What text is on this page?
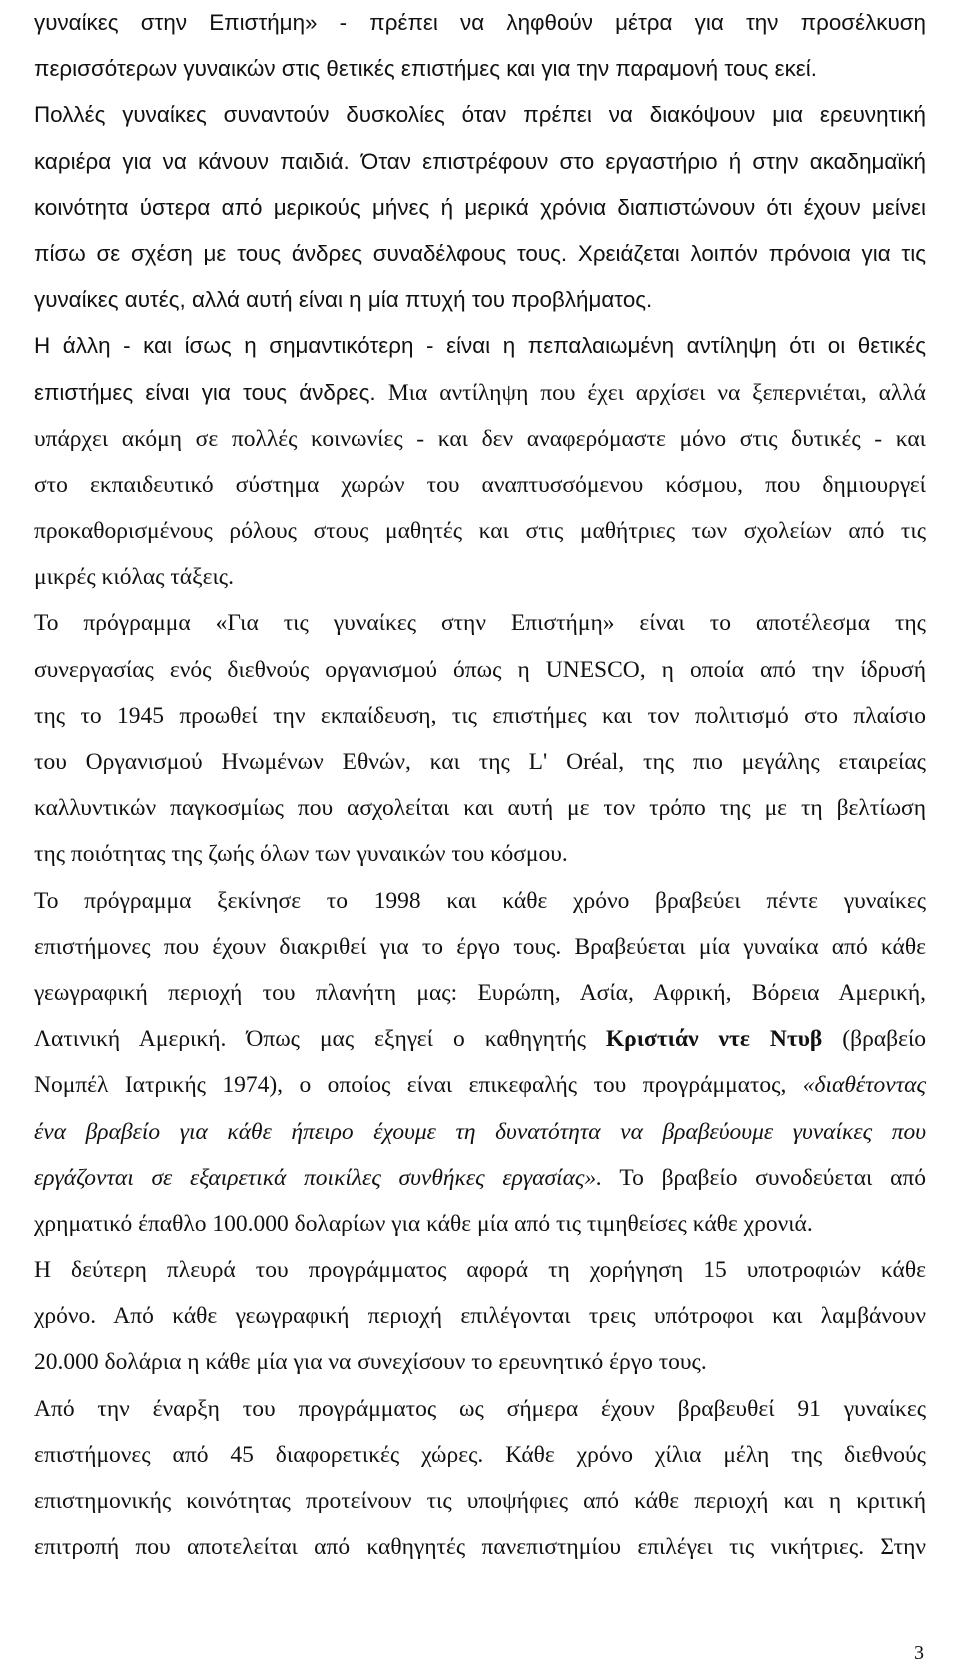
γυναίκες στην Επιστήμη» - πρέπει να ληφθούν μέτρα για την προσέλκυση
περισσότερων γυναικών στις θετικές επιστήμες και για την παραμονή τους εκεί.
Πολλές γυναίκες συναντούν δυσκολίες όταν πρέπει να διακόψουν μια ερευνητική
καριέρα για να κάνουν παιδιά. Όταν επιστρέφουν στο εργαστήριο ή στην ακαδημαϊκή
κοινότητα ύστερα από μερικούς μήνες ή μερικά χρόνια διαπιστώνουν ότι έχουν μείνει
πίσω σε σχέση με τους άνδρες συναδέλφους τους. Χρειάζεται λοιπόν πρόνοια για τις
γυναίκες αυτές, αλλά αυτή είναι η μία πτυχή του προβλήματος.
Η άλλη - και ίσως η σημαντικότερη - είναι η πεπαλαιωμένη αντίληψη ότι οι θετικές
επιστήμες είναι για τους άνδρες. Μια αντίληψη που έχει αρχίσει να ξεπερνιέται, αλλά
υπάρχει ακόμη σε πολλές κοινωνίες - και δεν αναφερόμαστε μόνο στις δυτικές - και
στο εκπαιδευτικό σύστημα χωρών του αναπτυσσόμενου κόσμου, που δημιουργεί
προκαθορισμένους ρόλους στους μαθητές και στις μαθήτριες των σχολείων από τις
μικρές κιόλας τάξεις.
Το πρόγραμμα «Για τις γυναίκες στην Επιστήμη» είναι το αποτέλεσμα της
συνεργασίας ενός διεθνούς οργανισμού όπως η UNESCO, η οποία από την ίδρυσή
της το 1945 προωθεί την εκπαίδευση, τις επιστήμες και τον πολιτισμό στο πλαίσιο
του Οργανισμού Ηνωμένων Εθνών, και της L' Oréal, της πιο μεγάλης εταιρείας
καλλυντικών παγκοσμίως που ασχολείται και αυτή με τον τρόπο της με τη βελτίωση
της ποιότητας της ζωής όλων των γυναικών του κόσμου.
Το πρόγραμμα ξεκίνησε το 1998 και κάθε χρόνο βραβεύει πέντε γυναίκες
επιστήμονες που έχουν διακριθεί για το έργο τους. Βραβεύεται μία γυναίκα από κάθε
γεωγραφική περιοχή του πλανήτη μας: Ευρώπη, Ασία, Αφρική, Βόρεια Αμερική,
Λατινική Αμερική. Όπως μας εξηγεί ο καθηγητής Κριστιάν ντε Ντυβ (βραβείο
Νομπέλ Ιατρικής 1974), ο οποίος είναι επικεφαλής του προγράμματος, «διαθέτοντας
ένα βραβείο για κάθε ήπειρο έχουμε τη δυνατότητα να βραβεύουμε γυναίκες που
εργάζονται σε εξαιρετικά ποικίλες συνθήκες εργασίας». Το βραβείο συνοδεύεται από
χρηματικό έπαθλο 100.000 δολαρίων για κάθε μία από τις τιμηθείσες κάθε χρονιά.
Η δεύτερη πλευρά του προγράμματος αφορά τη χορήγηση 15 υποτροφιών κάθε
χρόνο. Από κάθε γεωγραφική περιοχή επιλέγονται τρεις υπότροφοι και λαμβάνουν
20.000 δολάρια η κάθε μία για να συνεχίσουν το ερευνητικό έργο τους.
Από την έναρξη του προγράμματος ως σήμερα έχουν βραβευθεί 91 γυναίκες
επιστήμονες από 45 διαφορετικές χώρες. Κάθε χρόνο χίλια μέλη της διεθνούς
επιστημονικής κοινότητας προτείνουν τις υποψήφιες από κάθε περιοχή και η κριτική
επιτροπή που αποτελείται από καθηγητές πανεπιστημίου επιλέγει τις νικήτριες. Στην
3
